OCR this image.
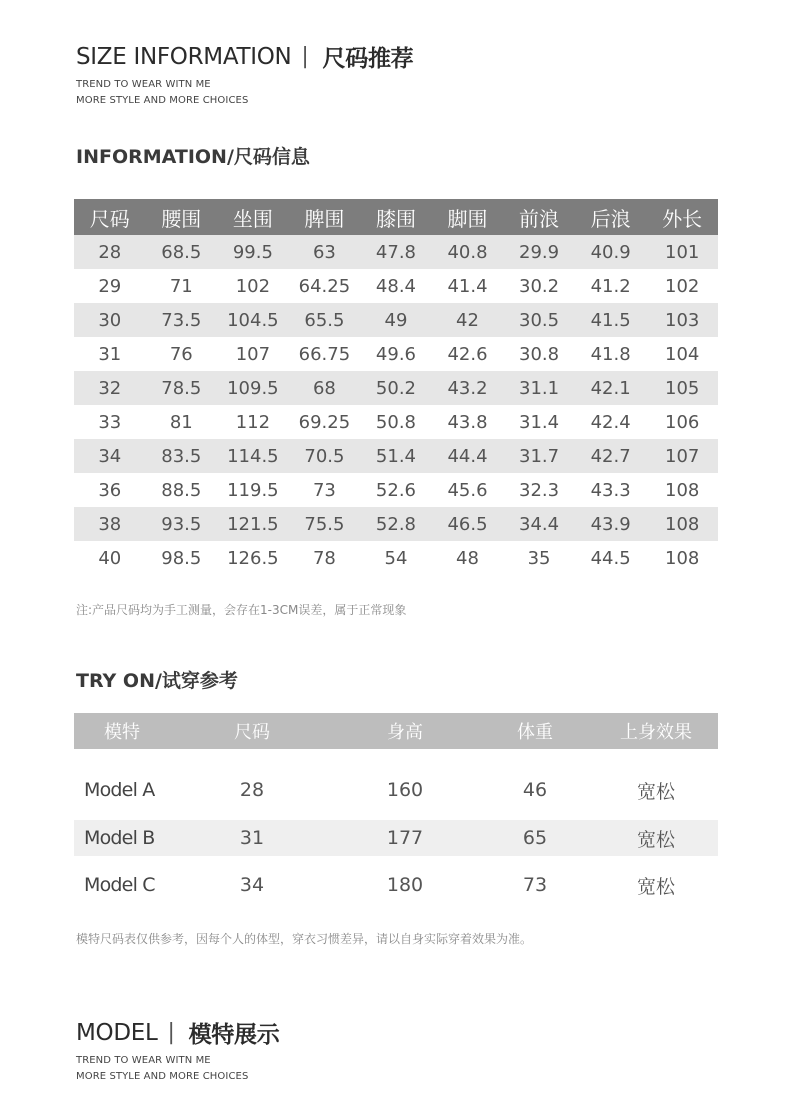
SIZE INFORMATION | 尺码推荐
TREND TO WEAR WITN ME
MORE STYLE AND MORE CHOICES
INFORMATION/尺码信息
尺码	腰围	坐围	脾围	膝围	脚围	前浪	后浪	外长
28	68.5	99.5	63	47.8	40.8	29.9	40.9	101
29	71	102	64.25	48.4	41.4	30.2	41.2	102
30	73.5	104.5	65.5	49	42	30.5	41.5	103
31	76	107	66.75	49.6	42.6	30.8	41.8	104
32	78.5	109.5	68	50.2	43.2	31.1	42.1	105
33	81	112	69.25	50.8	43.8	31.4	42.4	106
34	83.5	114.5	70.5	51.4	44.4	31.7	42.7	107
36	88.5	119.5	73	52.6	45.6	32.3	43.3	108
38	93.5	121.5	75.5	52.8	46.5	34.4	43.9	108
40	98.5	126.5	78	54	48	35	44.5	108
注:产品尺码均为手工测量，会存在1-3CM误差，属于正常现象
TRY ON/试穿参考
模特	尺码	身高	体重	上身效果
Model A	28	160	46	宽松
Model B	31	177	65	宽松
Model C	34	180	73	宽松
模特尺码表仅供参考，因每个人的体型，穿衣习惯差异，请以自身实际穿着效果为准。
MODEL | 模特展示
TREND TO WEAR WITN ME
MORE STYLE AND MORE CHOICES
